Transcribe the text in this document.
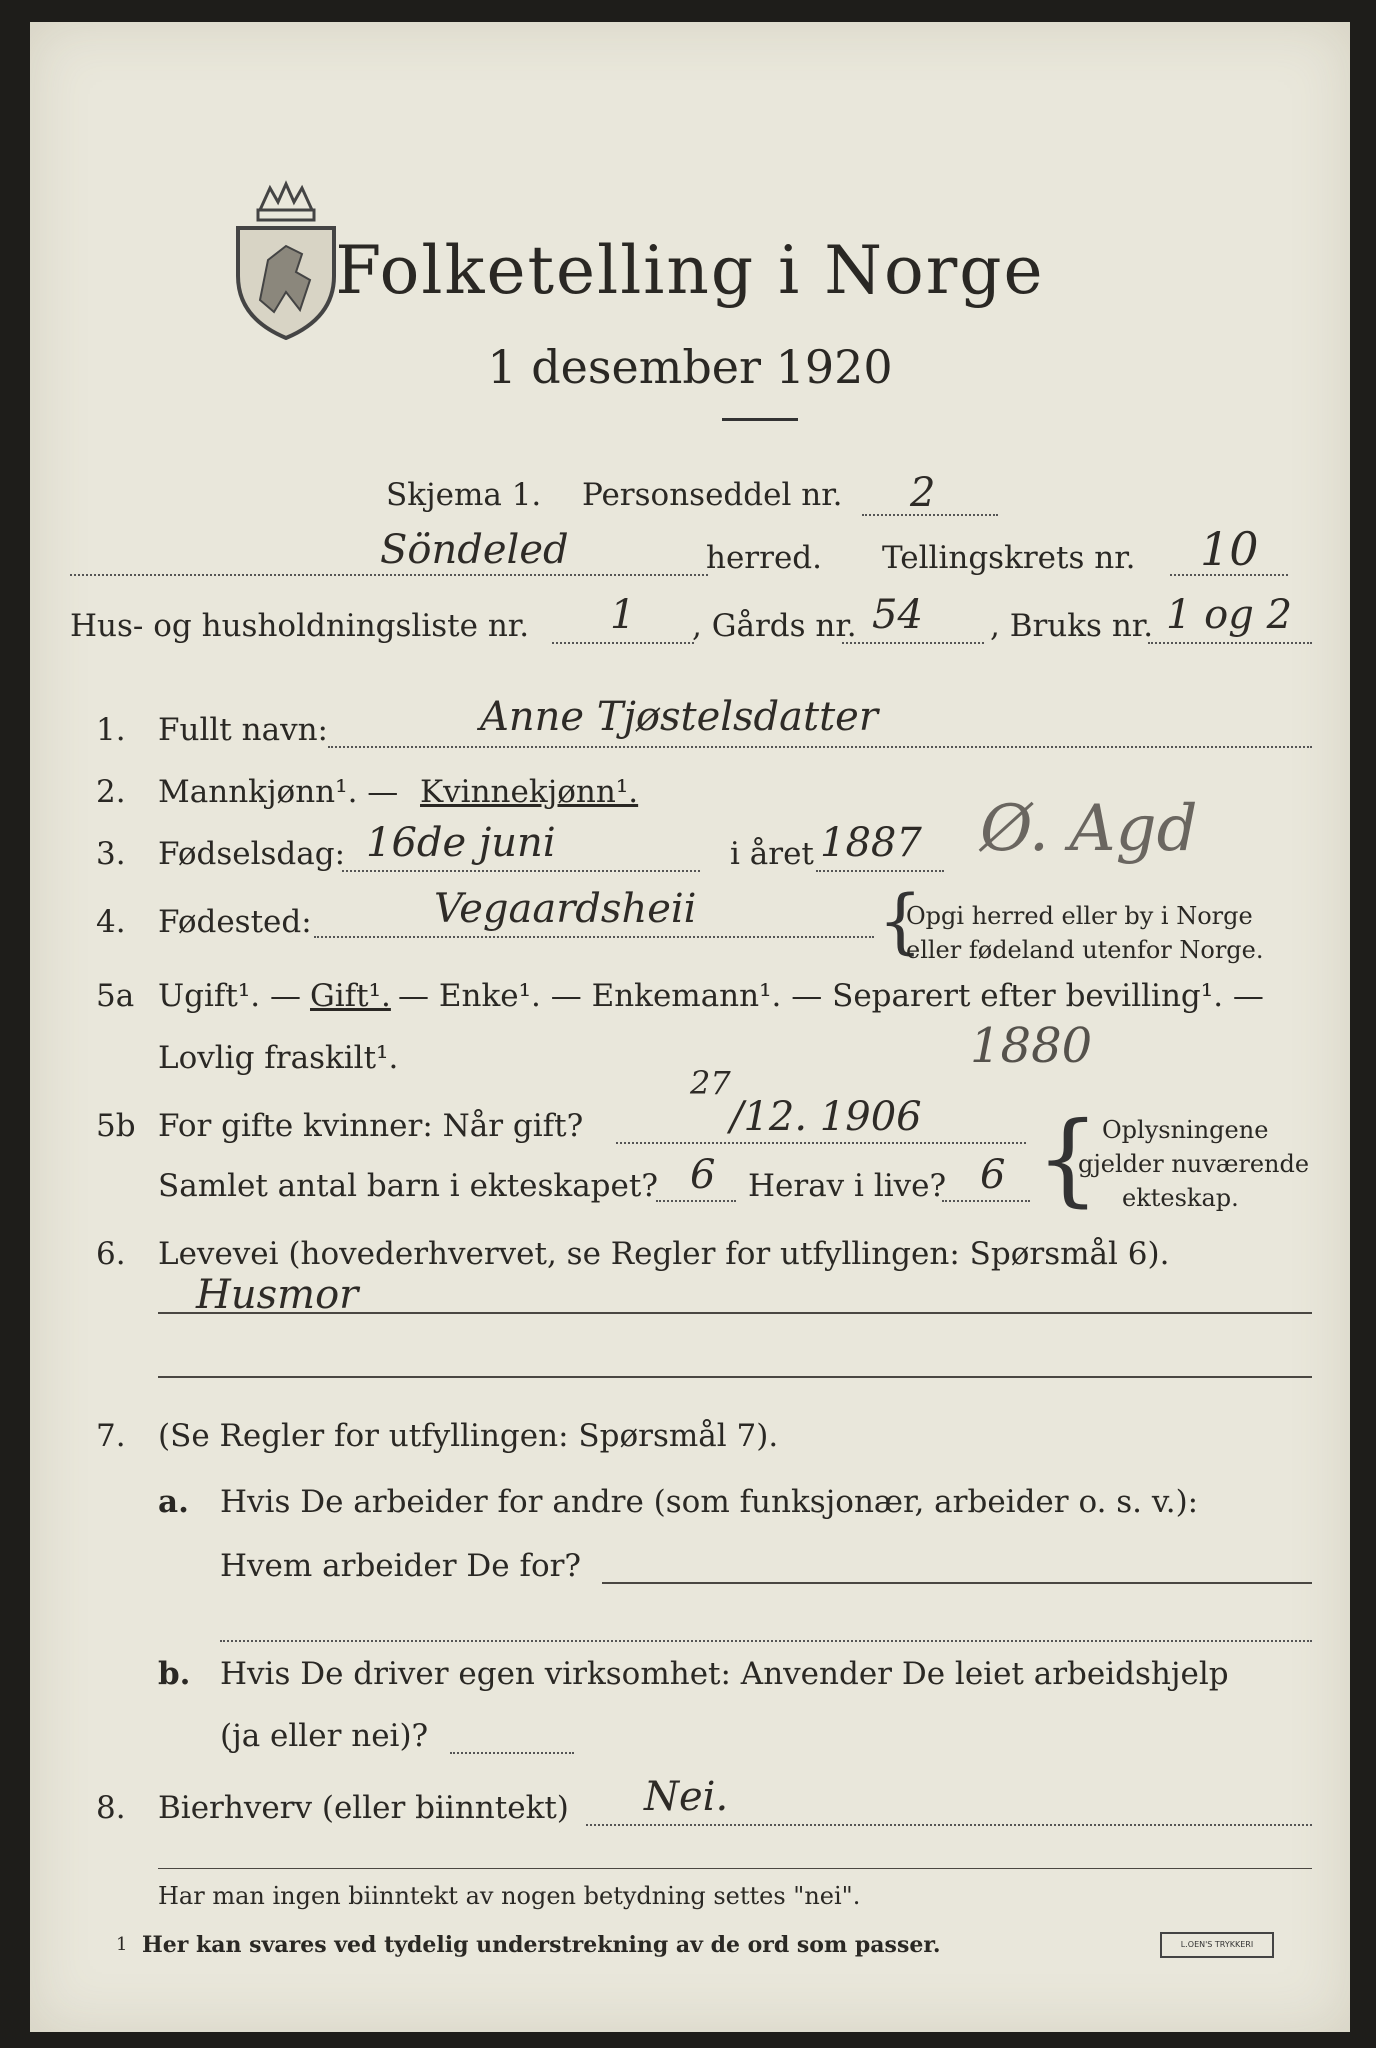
Folketelling i Norge
1 desember 1920
Skjema 1. Personseddel nr. 2
Söndeled	herred. Tellingskrets nr. 10
Hus- og husholdningsliste nr. 1 , Gårds nr. 54 , Bruks nr. 1 og 2
1. Fullt navn:	Anne Tjøstelsdatter
2. Mannkjønn¹. — Kvinnekjønn¹.
3. Fødselsdag: 16de juni	i året 1887 Ø. Agd
4. Fødested:	Vegaardsheii	{
Opgi herred eller by i Norge
eller fødeland utenfor Norge.
5a Ugift¹. — Gift¹. — Enke¹. — Enkemann¹. — Separert efter bevilling¹. —
Lovlig fraskilt¹.	1880
5b For gifte kvinner: Når gift?
27
/12. 1906
Samlet antal barn i ekteskapet? 6 Herav i live? 6 { Oplysningene
gjelder nuværende
ekteskap.
6. Levevei (hovederhvervet, se Regler for utfyllingen: Spørsmål 6).
Husmor
7. (Se Regler for utfyllingen: Spørsmål 7).
a. Hvis De arbeider for andre (som funksjonær, arbeider o. s. v.):
Hvem arbeider De for?
b. Hvis De driver egen virksomhet: Anvender De leiet arbeidshjelp
(ja eller nei)?
8. Bierhverv (eller biinntekt) Nei.
Har man ingen biinntekt av nogen betydning settes "nei".
1 Her kan svares ved tydelig understrekning av de ord som passer.	L.OEN'S TRYKKERI
